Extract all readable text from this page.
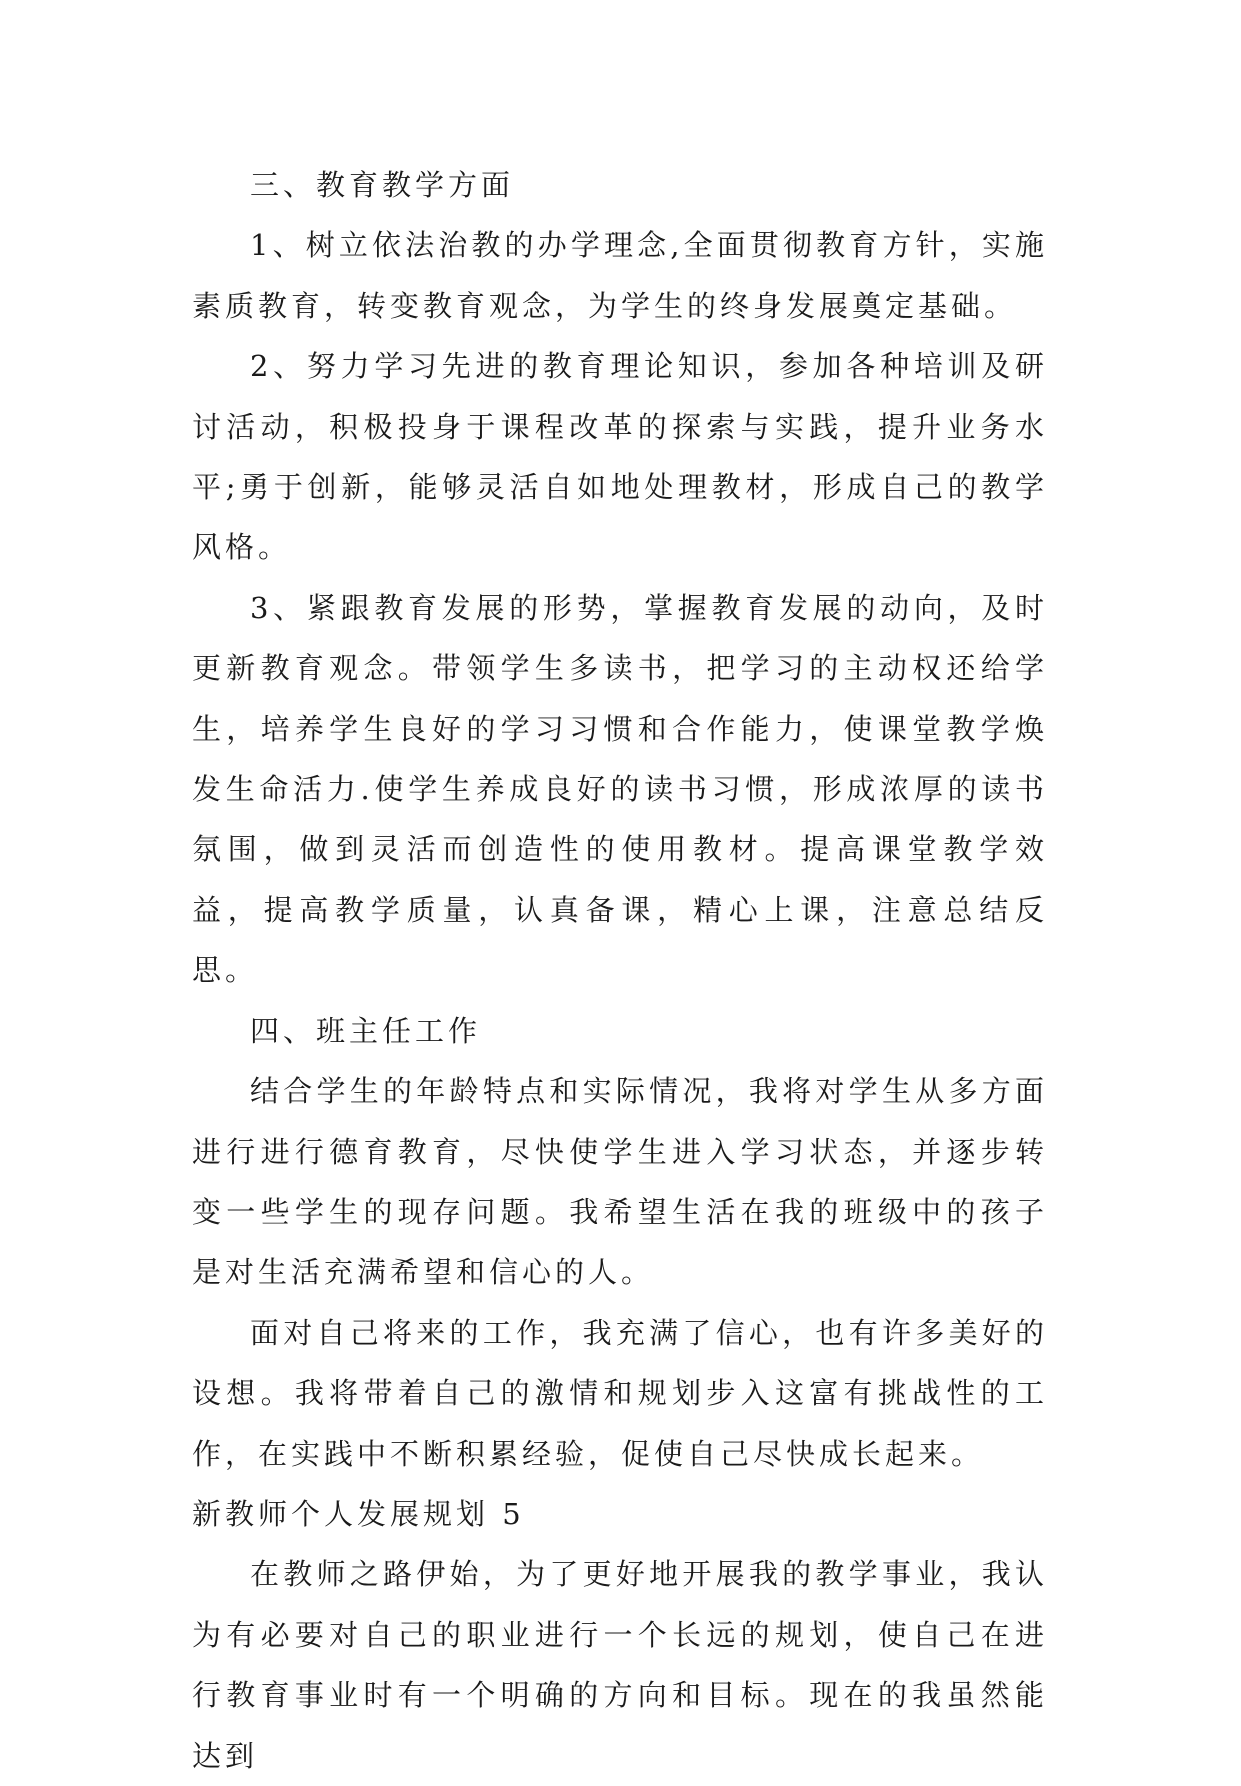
三、教育教学方面

1、树立依法治教的办学理念,全面贯彻教育方针，实施素质教育，转变教育观念，为学生的终身发展奠定基础。

2、努力学习先进的教育理论知识，参加各种培训及研讨活动，积极投身于课程改革的探索与实践，提升业务水平;勇于创新，能够灵活自如地处理教材，形成自己的教学风格。

3、紧跟教育发展的形势，掌握教育发展的动向，及时更新教育观念。带领学生多读书，把学习的主动权还给学生，培养学生良好的学习习惯和合作能力，使课堂教学焕发生命活力.使学生养成良好的读书习惯，形成浓厚的读书氛围，做到灵活而创造性的使用教材。提高课堂教学效益，提高教学质量，认真备课，精心上课，注意总结反思。

四、班主任工作

结合学生的年龄特点和实际情况，我将对学生从多方面进行进行德育教育，尽快使学生进入学习状态，并逐步转变一些学生的现存问题。我希望生活在我的班级中的孩子是对生活充满希望和信心的人。

面对自己将来的工作，我充满了信心，也有许多美好的设想。我将带着自己的激情和规划步入这富有挑战性的工作，在实践中不断积累经验，促使自己尽快成长起来。

新教师个人发展规划 5

在教师之路伊始，为了更好地开展我的教学事业，我认为有必要对自己的职业进行一个长远的规划，使自己在进行教育事业时有一个明确的方向和目标。现在的我虽然能达到
